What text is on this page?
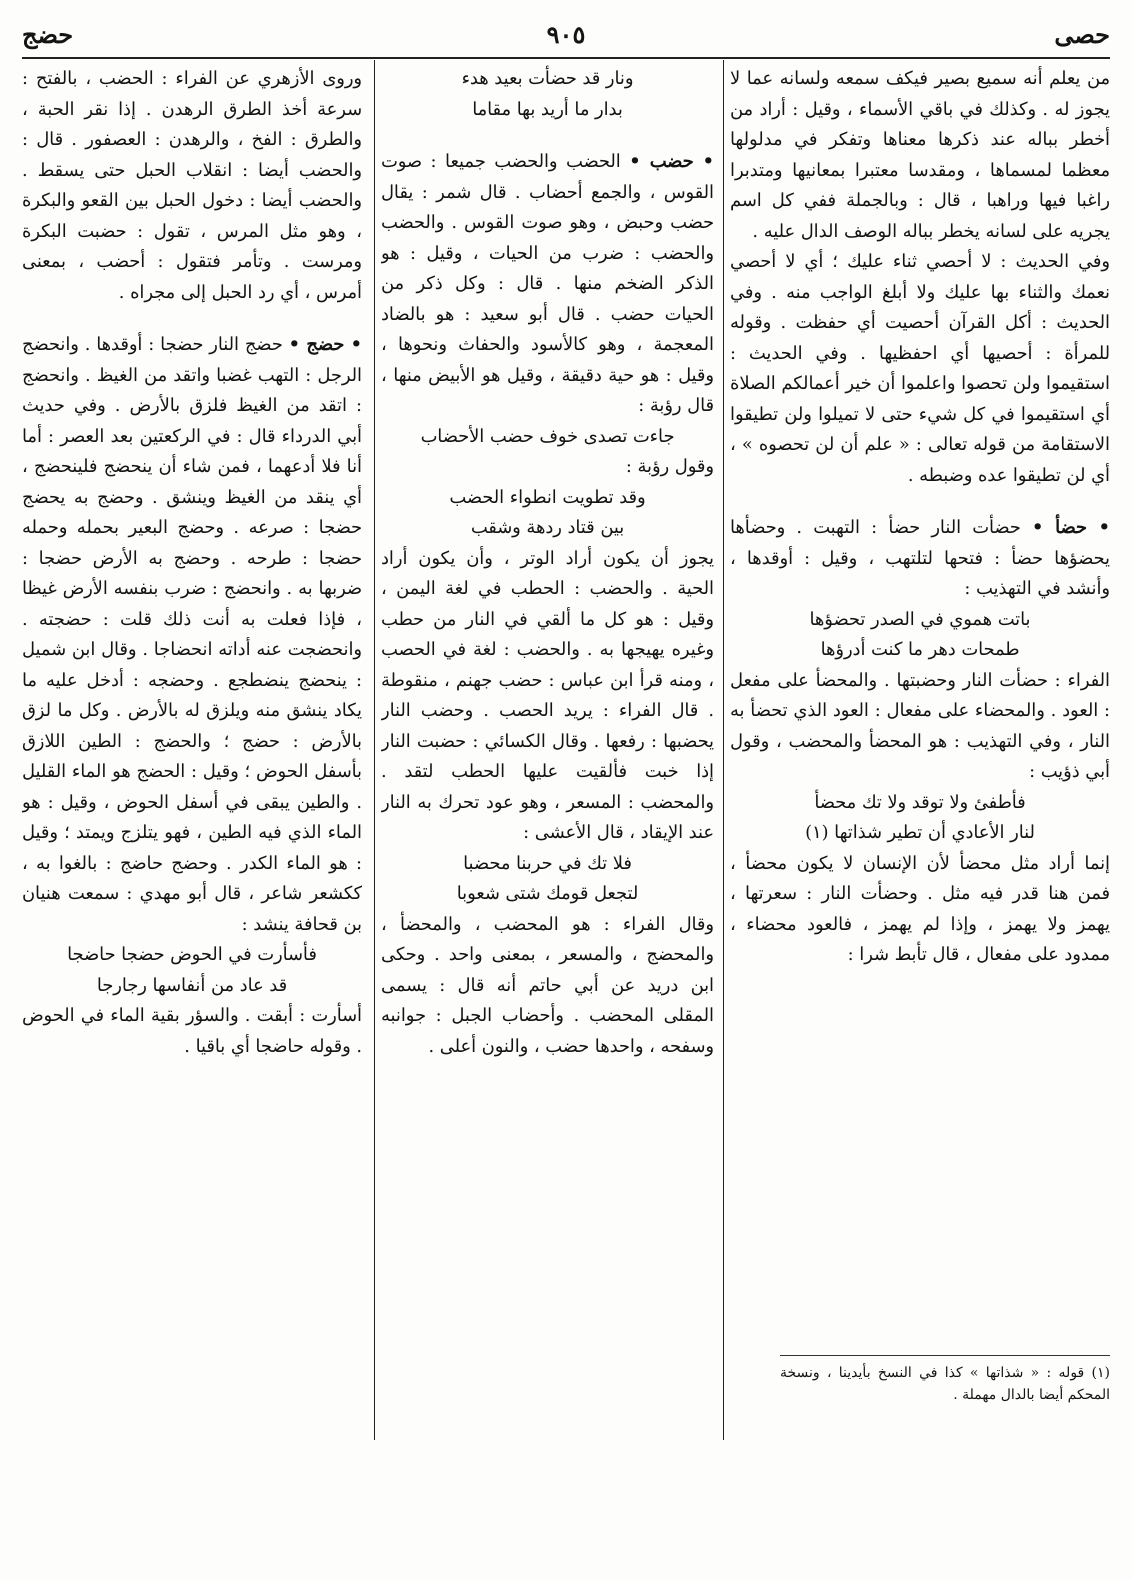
حصى
٩٠٥
حضج

من يعلم أنه سميع بصير فيكف سمعه ولسانه عما لا يجوز له . وكذلك في باقي الأسماء ، وقيل : أراد من أخطر بباله عند ذكرها معناها وتفكر في مدلولها معظما لمسماها ، ومقدسا معتبرا بمعانيها ومتدبرا راغبا فيها وراهبا ، قال : وبالجملة ففي كل اسم يجريه على لسانه يخطر بباله الوصف الدال عليه .

وفي الحديث : لا أحصي ثناء عليك ؛ أي لا أحصي نعمك والثناء بها عليك ولا أبلغ الواجب منه . وفي الحديث : أكل القرآن أحصيت أي حفظت . وقوله للمرأة : أحصيها أي احفظيها . وفي الحديث : استقيموا ولن تحصوا واعلموا أن خير أعمالكم الصلاة أي استقيموا في كل شيء حتى لا تميلوا ولن تطيقوا الاستقامة من قوله تعالى : « علم أن لن تحصوه » ، أي لن تطيقوا عده وضبطه .

• حضأ • حضأت النار حضأ : التهبت . وحضأها يحضؤها حضأ : فتحها لتلتهب ، وقيل : أوقدها ، وأنشد في التهذيب :

باتت هموي في الصدر تحضؤها

طمحات دهر ما كنت أدرؤها

الفراء : حضأت النار وحضبتها . والمحضأ على مفعل : العود . والمحضاء على مفعال : العود الذي تحضأ به النار ، وفي التهذيب : هو المحضأ والمحضب ، وقول أبي ذؤيب :

فأطفئ ولا توقد ولا تك محضأ

لنار الأعادي أن تطير شذاتها (١)

إنما أراد مثل محضأ لأن الإنسان لا يكون محضأ ، فمن هنا قدر فيه مثل . وحضأت النار : سعرتها ، يهمز ولا يهمز ، وإذا لم يهمز ، فالعود محضاء ، ممدود على مفعال ، قال تأبط شرا :

ونار قد حضأت بعيد هدء

بدار ما أريد بها مقاما

• حضب • الحضب والحضب جميعا : صوت القوس ، والجمع أحضاب . قال شمر : يقال حضب وحبض ، وهو صوت القوس . والحضب والحضب : ضرب من الحيات ، وقيل : هو الذكر الضخم منها . قال : وكل ذكر من الحيات حضب . قال أبو سعيد : هو بالضاد المعجمة ، وهو كالأسود والحفاث ونحوها ، وقيل : هو حية دقيقة ، وقيل هو الأبيض منها ، قال رؤبة :

جاءت تصدى خوف حضب الأحضاب

وقول رؤبة :

وقد تطويت انطواء الحضب

بين قتاد ردهة وشقب

يجوز أن يكون أراد الوتر ، وأن يكون أراد الحية . والحضب : الحطب في لغة اليمن ، وقيل : هو كل ما ألقي في النار من حطب وغيره يهيجها به . والحضب : لغة في الحصب ، ومنه قرأ ابن عباس : حضب جهنم ، منقوطة . قال الفراء : يريد الحصب . وحضب النار يحضبها : رفعها . وقال الكسائي : حضبت النار إذا خبت فألقيت عليها الحطب لتقد . والمحضب : المسعر ، وهو عود تحرك به النار عند الإيقاد ، قال الأعشى :

فلا تك في حربنا محضبا

لتجعل قومك شتى شعوبا

وقال الفراء : هو المحضب ، والمحضأ ، والمحضج ، والمسعر ، بمعنى واحد . وحكى ابن دريد عن أبي حاتم أنه قال : يسمى المقلى المحضب . وأحضاب الجبل : جوانبه وسفحه ، واحدها حضب ، والنون أعلى .

وروى الأزهري عن الفراء : الحضب ، بالفتح : سرعة أخذ الطرق الرهدن . إذا نقر الحبة ، والطرق : الفخ ، والرهدن : العصفور . قال : والحضب أيضا : انقلاب الحبل حتى يسقط . والحضب أيضا : دخول الحبل بين القعو والبكرة ، وهو مثل المرس ، تقول : حضبت البكرة ومرست . وتأمر فتقول : أحضب ، بمعنى أمرس ، أي رد الحبل إلى مجراه .

• حضج • حضج النار حضجا : أوقدها . وانحضج الرجل : التهب غضبا واتقد من الغيظ . وانحضج : اتقد من الغيظ فلزق بالأرض . وفي حديث أبي الدرداء قال : في الركعتين بعد العصر : أما أنا فلا أدعهما ، فمن شاء أن ينحضج فلينحضج ، أي ينقد من الغيظ وينشق . وحضج به يحضج حضجا : صرعه . وحضج البعير بحمله وحمله حضجا : طرحه . وحضج به الأرض حضجا : ضربها به . وانحضج : ضرب بنفسه الأرض غيظا ، فإذا فعلت به أنت ذلك قلت : حضجته . وانحضجت عنه أداته انحضاجا . وقال ابن شميل : ينحضج ينضطجع . وحضجه : أدخل عليه ما يكاد ينشق منه ويلزق له بالأرض . وكل ما لزق بالأرض : حضج ؛ والحضج : الطين اللازق بأسفل الحوض ؛ وقيل : الحضج هو الماء القليل . والطين يبقى في أسفل الحوض ، وقيل : هو الماء الذي فيه الطين ، فهو يتلزج ويمتد ؛ وقيل : هو الماء الكدر . وحضج حاضج : بالغوا به ، ككشعر شاعر ، قال أبو مهدي : سمعت هنيان بن قحافة ينشد :

فأسأرت في الحوض حضجا حاضجا

قد عاد من أنفاسها رجارجا

أسأرت : أبقت . والسؤر بقية الماء في الحوض . وقوله حاضجا أي باقيا .

(١) قوله : « شذاتها » كذا في النسخ بأيدينا ، ونسخة المحكم أيضا بالدال مهملة .
